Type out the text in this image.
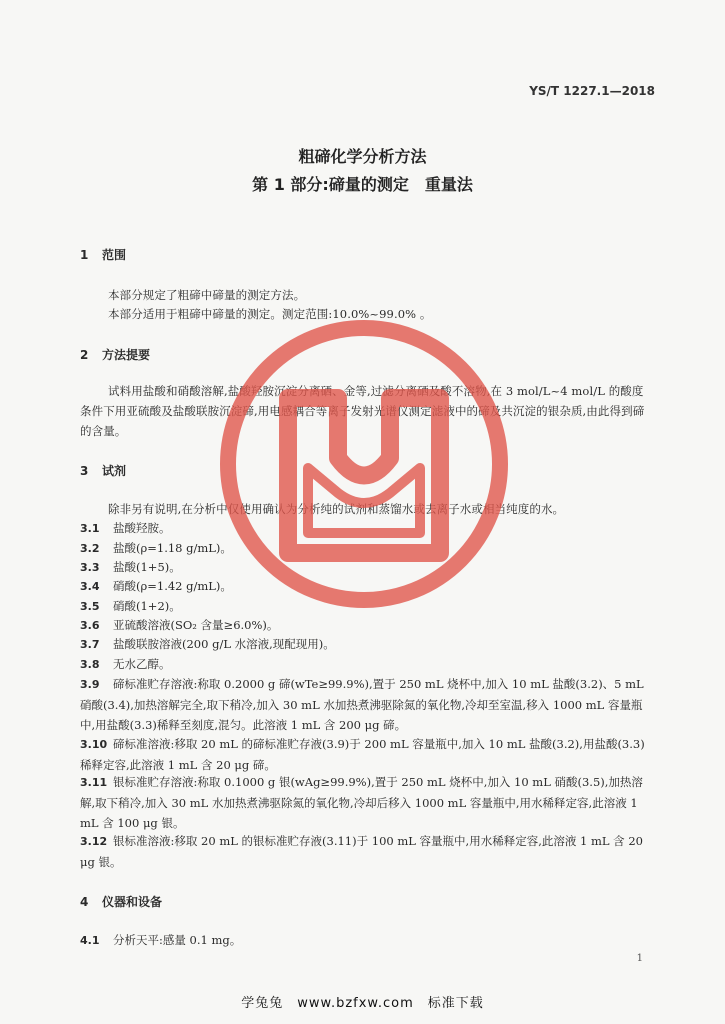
YS/T 1227.1—2018
粗碲化学分析方法
第 1 部分:碲量的测定　重量法
1 范围
本部分规定了粗碲中碲量的测定方法。
本部分适用于粗碲中碲量的测定。测定范围:10.0%~99.0% 。
2 方法提要
试料用盐酸和硝酸溶解,盐酸羟胺沉淀分离硒、金等,过滤分离硒及酸不溶物,在 3 mol/L~4 mol/L 的酸度条件下用亚硫酸及盐酸联胺沉淀碲,用电感耦合等离子发射光谱仪测定滤液中的碲及共沉淀的银杂质,由此得到碲的含量。
3 试剂
除非另有说明,在分析中仅使用确认为分析纯的试剂和蒸馏水或去离子水或相当纯度的水。
3.1 盐酸羟胺。
3.2 盐酸(ρ=1.18 g/mL)。
3.3 盐酸(1+5)。
3.4 硝酸(ρ=1.42 g/mL)。
3.5 硝酸(1+2)。
3.6 亚硫酸溶液(SO₂ 含量≥6.0%)。
3.7 盐酸联胺溶液(200 g/L 水溶液,现配现用)。
3.8 无水乙醇。
3.9 碲标准贮存溶液:称取 0.2000 g 碲(wTe≥99.9%),置于 250 mL 烧杯中,加入 10 mL 盐酸(3.2)、5 mL 硝酸(3.4),加热溶解完全,取下稍冷,加入 30 mL 水加热煮沸驱除氮的氧化物,冷却至室温,移入 1000 mL 容量瓶中,用盐酸(3.3)稀释至刻度,混匀。此溶液 1 mL 含 200 μg 碲。
3.10 碲标准溶液:移取 20 mL 的碲标准贮存液(3.9)于 200 mL 容量瓶中,加入 10 mL 盐酸(3.2),用盐酸(3.3)稀释定容,此溶液 1 mL 含 20 μg 碲。
3.11 银标准贮存溶液:称取 0.1000 g 银(wAg≥99.9%),置于 250 mL 烧杯中,加入 10 mL 硝酸(3.5),加热溶解,取下稍冷,加入 30 mL 水加热煮沸驱除氮的氧化物,冷却后移入 1000 mL 容量瓶中,用水稀释定容,此溶液 1 mL 含 100 μg 银。
3.12 银标准溶液:移取 20 mL 的银标准贮存液(3.11)于 100 mL 容量瓶中,用水稀释定容,此溶液 1 mL 含 20 μg 银。
4 仪器和设备
4.1 分析天平:感量 0.1 mg。
1
学兔兔　www.bzfxw.com　标准下载
